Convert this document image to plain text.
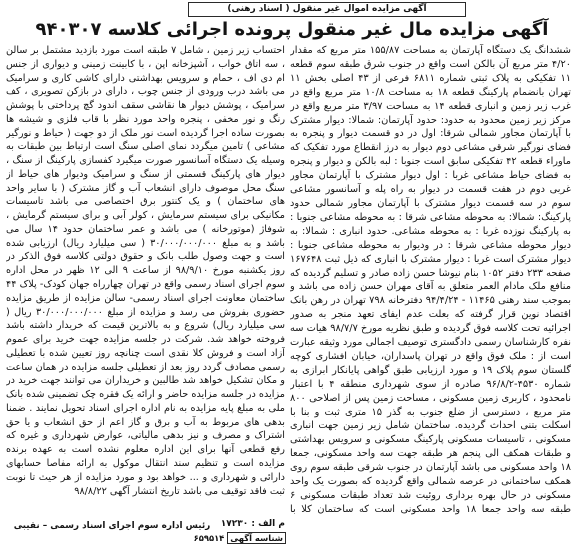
آگهی مزایده اموال غیر منقول ( اسناد رهنی)
آگهی مزایده مال غیر منقول پرونده اجرائی کلاسه ۹۴۰۳۰۷

ششدانگ یک دستگاه آپارتمان به مساحت ۱۵۵/۸۷ متر مربع که مقدار ۴/۲۰ متر مربع آن بالکن است واقع در جنوب شرق طبقه سوم قطعه ۱۱ تفکیکی به پلاک ثبتی شماره ۶۸۱۱ فرعی از ۴۳ اصلی بخش ۱۱ تهران بانضمام پارکینگ قطعه ۱۸ به مساحت ۱۰/۸ متر مربع واقع در غرب زیر زمین و انباری قطعه ۱۴ به مساحت ۳/۹۷ متر مربع واقع در مرکز زیر زمین محدود به حدود: حدود آپارتمان: شمالا: دیوار مشترک با آپارتمان مجاور شمالی شرقا: اول در دو قسمت دیوار و پنجره به فضای نورگیر شرقی مشاعی دوم دیوار به درز انقطاع مورد تفکیک که ماوراء قطعه ۴۲ تفکیکی سابق است جنوبا : لبه بالکن و دیوار و پنجره به فضای حیاط مشاعی غربا : اول دیوار مشترک با آپارتمان مجاور غربی دوم در هفت قسمت در دیوار به راه پله و آسانسور مشاعی سوم در سه قسمت دیوار مشترک با آپارتمان مجاور شمالی حدود پارکینگ: شمالا: به محوطه مشاعی شرقا : به محوطه مشاعی جنوبا : به پارکینگ نوزده غربا : به محوطه مشاعی. حدود انباری : شمالا: به دیوار محوطه مشاعی شرقا : در ودیوار به محوطه مشاعی جنوبا : دیوار مشترک است غربا : دیوار مشترک با انباری که ذیل ثبت ۱۶۷۶۴۸ صفحه ۲۳۳ دفتر ۱۰۵۲ بنام نیوشا حسن زاده صادر و تسلیم گردیده که منافع ملک مادام العمر متعلق به آقای مهران حسن زاده می باشد و بموجب سند رهنی ۱۱۴۶۵ - ۹۴/۴/۲۴ دفترخانه ۷۹۸ تهران در رهن بانک اقتصاد نوین قرار گرفته که بعلت عدم ایفای تعهد منجر به صدور اجرائیه تحت کلاسه فوق گردیده و طبق نظریه مورخ ۹۸/۷/۷ هیات سه نفره کارشناسان رسمی دادگستری توصیف اجمالی مورد وثیقه عبارت است از : ملک فوق واقع در تهران پاسداران، خیابان افشاری کوچه گلستان سوم پلاک ۱۹ و مورد ارزیابی طبق گواهی پایانکار ابرازی به شماره ۴۵۳۰-۹۶/۸/۲ صادره از سوی شهرداری منطقه ۴ با اعتبار نامحدود ، کاربری زمین مسکونی ، مساحت زمین پس از اصلاحی ۸۰۰ متر مربع ، دسترسی از ضلع جنوب به گذر ۱۵ متری ثبت و بنا با اسکلت بتنی احداث گردیده. ساختمان شامل زیر زمین جهت انباری مسکونی ، تاسیسات مسکونی پارکینگ مسکونی و سرویس بهداشتی و طبقات همکف الی پنجم هر طبقه جهت سه واحد مسکونی، جمعا ۱۸ واحد مسکونی می باشد آپارتمان در جنوب شرقی طبقه سوم روی همکف ساختمانی در عرصه شمالی واقع گردیده که بصورت یک واحد مسکونی در حال بهره برداری روئیت شد تعداد طبقات مسکونی ۶ طبقه سه واحد جمعا ۱۸ واحد مسکونی است که ساختمان کلا با

احتساب زیر زمین ، شامل ۷ طبقه است مورد بازدید مشتمل بر سالن ، سه اتاق خواب ، آشپزخانه اپن ، با کابینت زمینی و دیواری از جنس ام دی اف ، حمام و سرویس بهداشتی دارای کاشی کاری و سرامیک می باشد درب ورودی از جنس چوب ، دارای در بازکن تصویری ، کف سرامیک ، پوشش دیوار ها نقاشی سقف اندود گچ پرداختی با پوشش رنگ و نور مخفی ، پنجره واحد مورد نظر با قاب فلزی و شیشه ها بصورت ساده اجرا گردیده است نور ملک از دو جهت ( حیاط و نورگیر مشاعی ) تامین میگردد نمای اصلی سنگ است ارتباط بین طبقات به وسیله یک دستگاه آسانسور صورت میگیرد کفسازی پارکینگ از سنگ ، دیوار های پارکینگ قسمتی از سنگ و سرامیک ودیوار های حیاط از سنگ محل موصوف دارای انشعاب آب و گاز مشترک ( با سایر واحد های ساختمان ) و یک کنتور برق اختصاصی می باشد تاسیسات مکانیکی برای سیستم سرمایش ، کولر آبی و برای سیستم گرمایش ، شوفاژ (موتورخانه ) می باشد و عمر ساختمان حدود ۱۴ سال می باشد و به مبلغ ۳۰/۰۰۰/۰۰۰/۰۰۰ ( سی میلیارد ریال) ارزیابی شده است و جهت وصول طلب بانک و حقوق دولتی کلاسه فوق الذکر در روز یکشنبه مورخ ۹۸/۹/۱۰ از ساعت ۹ الی ۱۲ ظهر در محل اداره سوم اجرای اسناد رسمی واقع در تهران چهارراه جهان کودک- پلاک ۴۴ ساختمان معاونت اجرای اسناد رسمی- سالن مزایده از طریق مزایده حضوری بفروش می رسد و مزایده از مبلغ ۳۰/۰۰۰/۰۰۰/۰۰۰ ریال ( سی میلیارد ریال) شروع و به بالاترین قیمت که خریدار داشته باشد فروخته خواهد شد. شرکت در جلسه مزایده جهت خرید برای عموم آزاد است و فروش کلا نقدی است چنانچه روز تعیین شده با تعطیلی رسمی مصادف گردد روز بعد از تعطیلی جلسه مزایده در همان ساعت و مکان تشکیل خواهد شد طالبین و خریداران می توانند جهت خرید در مزایده در جلسه مزایده حاضر و ارائه یک فقره چک تضمینی شده بانک ملی به مبلغ پایه مزایده به نام اداره اجرای اسناد تحویل نمایند . ضمنا بدهی های مربوط به آب و برق و گاز اعم از حق انشعاب و یا حق اشتراک و مصرف و نیز بدهی مالیاتی، عوارض شهرداری و غیره که رفع قطعی آنها برای این اداره معلوم نشده است به عهده برنده مزایده است و تنظیم سند انتقال موکول به ارائه مفاصا حسابهای دارائی و شهرداری و ... خواهد بود و مورد مزایده از هر حیث تا نوبت ثبت فاقد توقیف می باشد تاریخ انتشار آگهی ۹۸/۸/۲۲

رئیس اداره سوم اجرای اسناد رسمی – نقیبی	م الف : ۱۷۲۳۰
شناسه آگهی ۶۵۹۵۱۴
